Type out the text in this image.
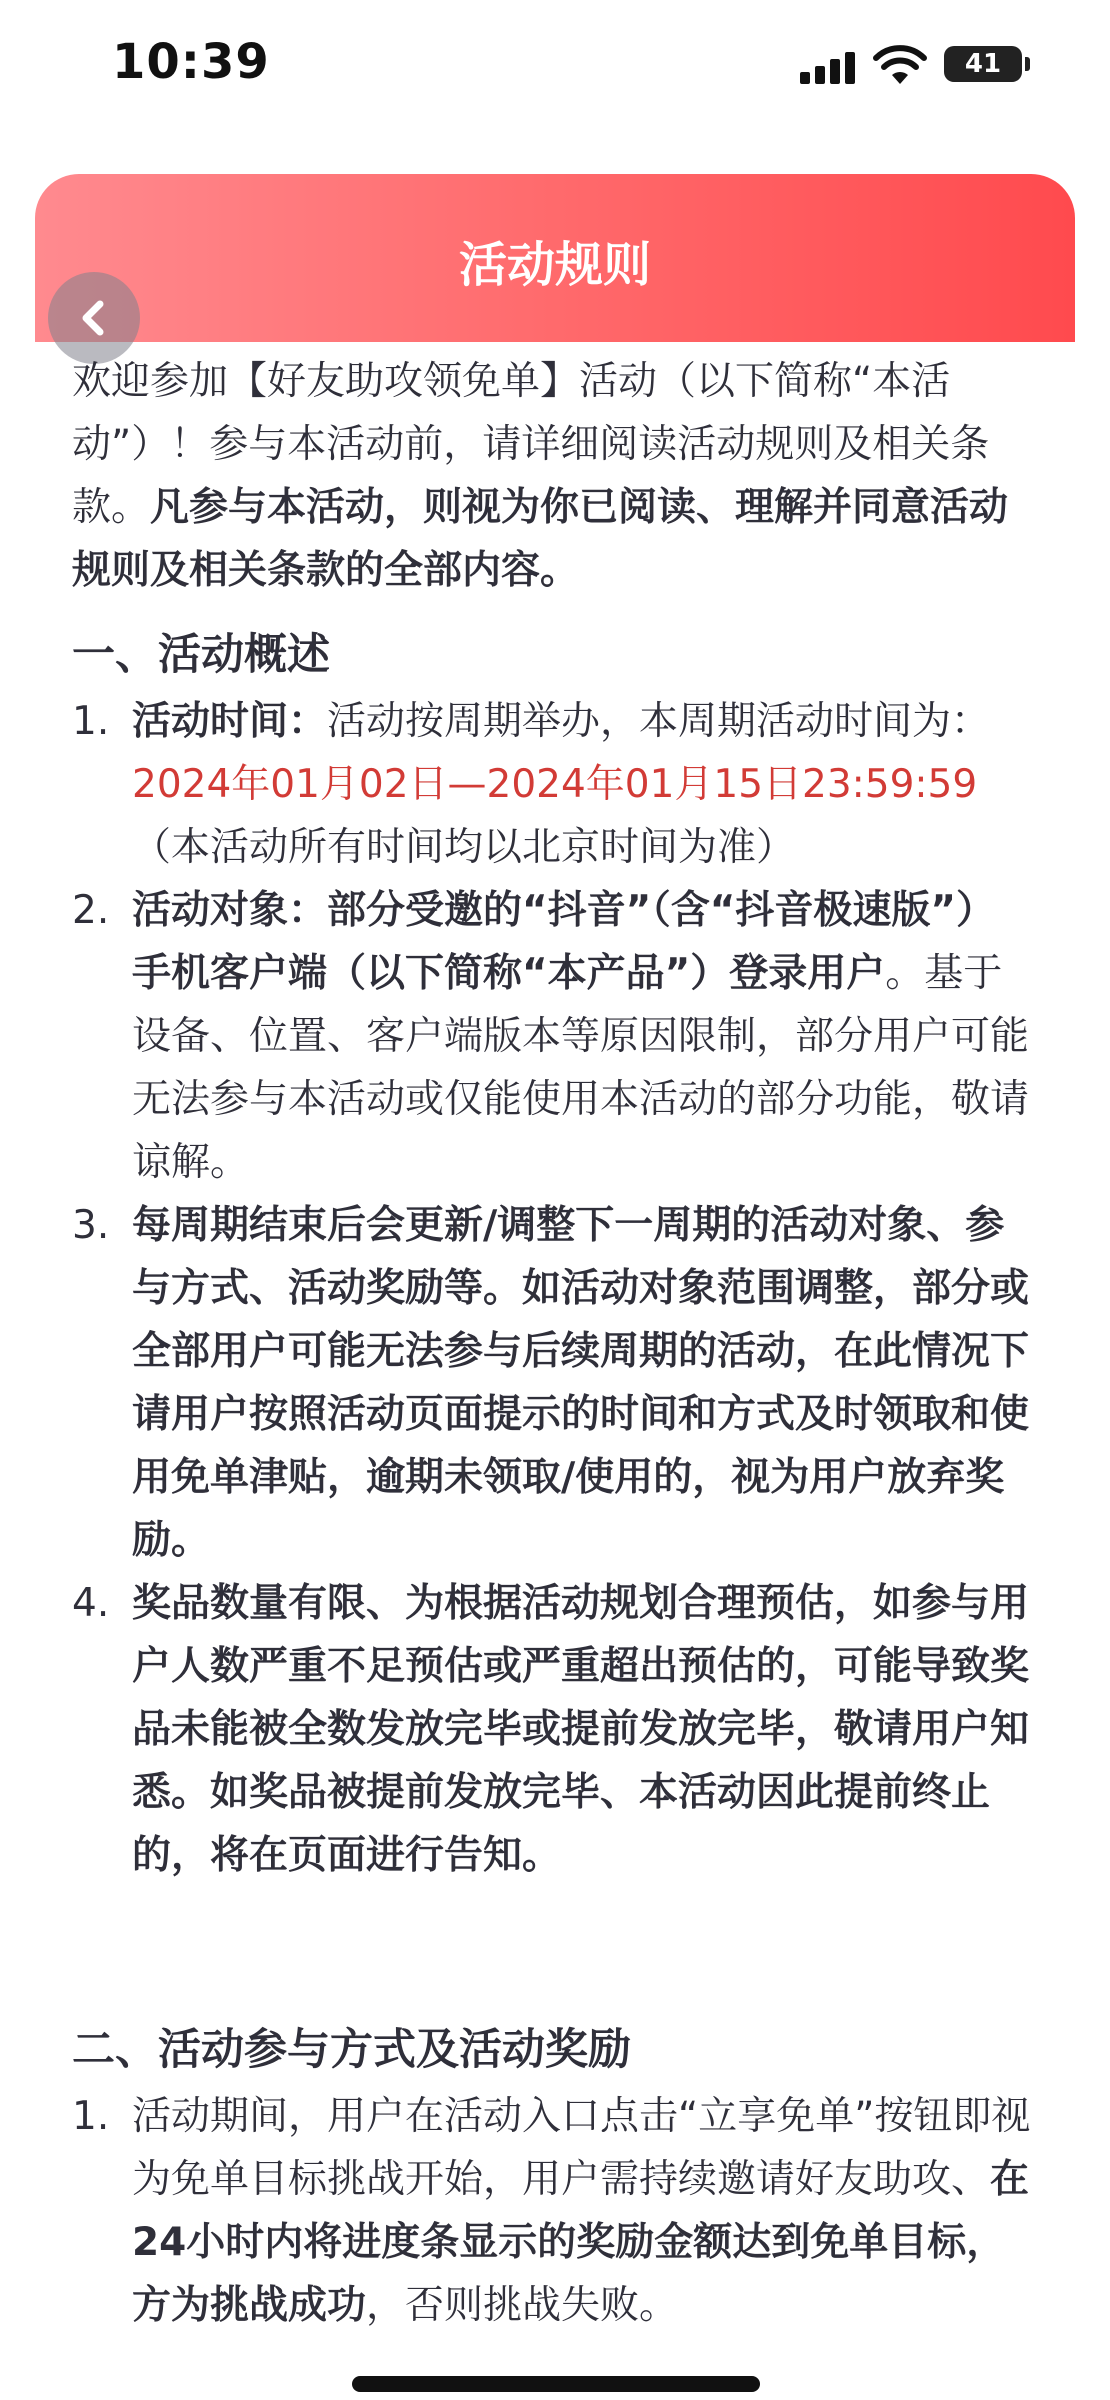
10:39	41
活动规则

欢迎参加【好友助攻领免单】活动（以下简称“本活动”）！参与本活动前，请详细阅读活动规则及相关条款。凡参与本活动，则视为你已阅读、理解并同意活动规则及相关条款的全部内容。

一、活动概述

1. 活动时间：活动按周期举办，本周期活动时间为：2024年01月02日—2024年01月15日23:59:59
（本活动所有时间均以北京时间为准）
2. 活动对象：部分受邀的“抖音”（含“抖音极速版”）手机客户端（以下简称“本产品”）登录用户。基于设备、位置、客户端版本等原因限制，部分用户可能无法参与本活动或仅能使用本活动的部分功能，敬请谅解。
3. 每周期结束后会更新/调整下一周期的活动对象、参与方式、活动奖励等。如活动对象范围调整，部分或全部用户可能无法参与后续周期的活动，在此情况下请用户按照活动页面提示的时间和方式及时领取和使用免单津贴，逾期未领取/使用的，视为用户放弃奖励。
4. 奖品数量有限、为根据活动规划合理预估，如参与用户人数严重不足预估或严重超出预估的，可能导致奖品未能被全数发放完毕或提前发放完毕，敬请用户知悉。如奖品被提前发放完毕、本活动因此提前终止的，将在页面进行告知。

二、活动参与方式及活动奖励

1. 活动期间，用户在活动入口点击“立享免单”按钮即视为免单目标挑战开始，用户需持续邀请好友助攻、在24小时内将进度条显示的奖励金额达到免单目标，方为挑战成功，否则挑战失败。
